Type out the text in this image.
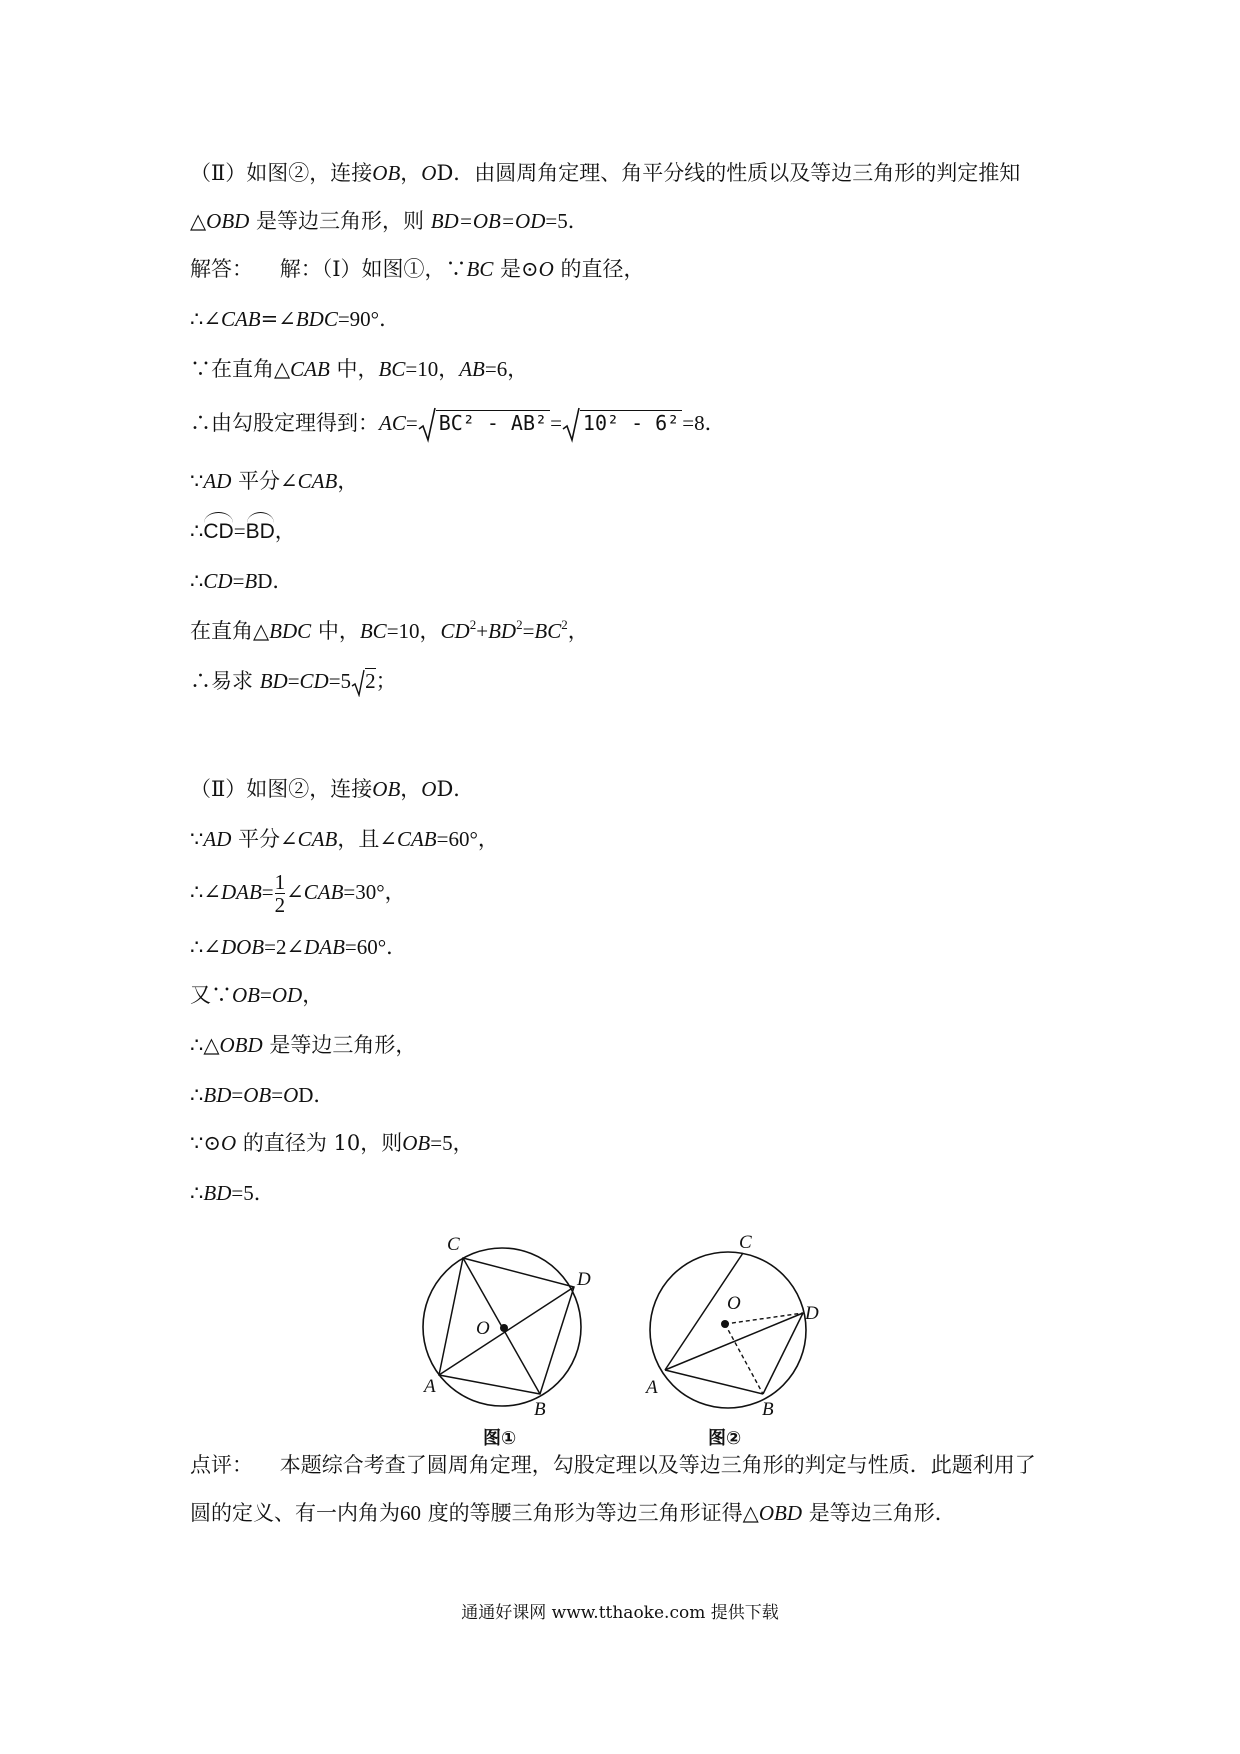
（Ⅱ）如图②，连接OB，OD．由圆周角定理、角平分线的性质以及等边三角形的判定推知
△OBD 是等边三角形，则 BD=OB=OD=5．
解答： 解：（Ⅰ）如图①，∵BC 是⊙O 的直径，
∴∠CAB=∠BDC=90°．
∵在直角△CAB 中，BC=10，AB=6，
∴由勾股定理得到：AC= BC² - AB² = 10² - 6² =8．
∵AD 平分∠CAB，
∴CD=BD，
∴CD=BD．
在直角△BDC 中，BC=10，$CD^2+BD^2=BC^2$，
∴易求 BD=CD=5 2；
（Ⅱ）如图②，连接OB，OD．
∵AD 平分∠CAB，且∠CAB=60°，
∴∠DAB= $\frac{1}{2}$ ∠CAB=30°，
∴∠DOB=2∠DAB=60°．
又∵OB=OD，
∴△OBD 是等边三角形，
∴BD=OB=OD．
∵⊙O 的直径为 10，则OB=5，
∴BD=5．
C
D
O
A
B
图①
C
D
O
A
B
图②
点评： 本题综合考查了圆周角定理，勾股定理以及等边三角形的判定与性质．此题利用了
圆的定义、有一内角为60 度的等腰三角形为等边三角形证得△OBD 是等边三角形．
通通好课网 www.tthaoke.com 提供下载
